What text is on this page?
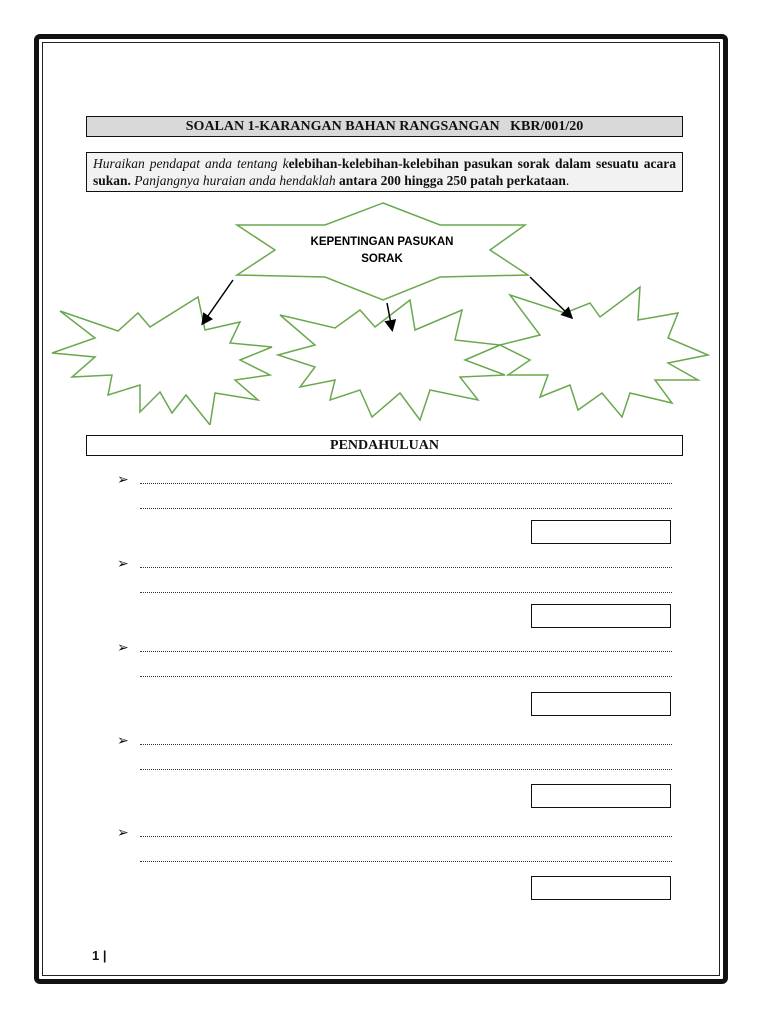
SOALAN 1-KARANGAN BAHAN RANGSANGAN   KBR/001/20
Huraikan pendapat anda tentang kelebihan-kelebihan-kelebihan pasukan sorak dalam sesuatu acara sukan. Panjangnya huraian anda hendaklah antara 200 hingga 250 patah perkataan.
KEPENTINGAN PASUKAN
SORAK
PENDAHULUAN
➢
➢
➢
➢
➢
1 |
